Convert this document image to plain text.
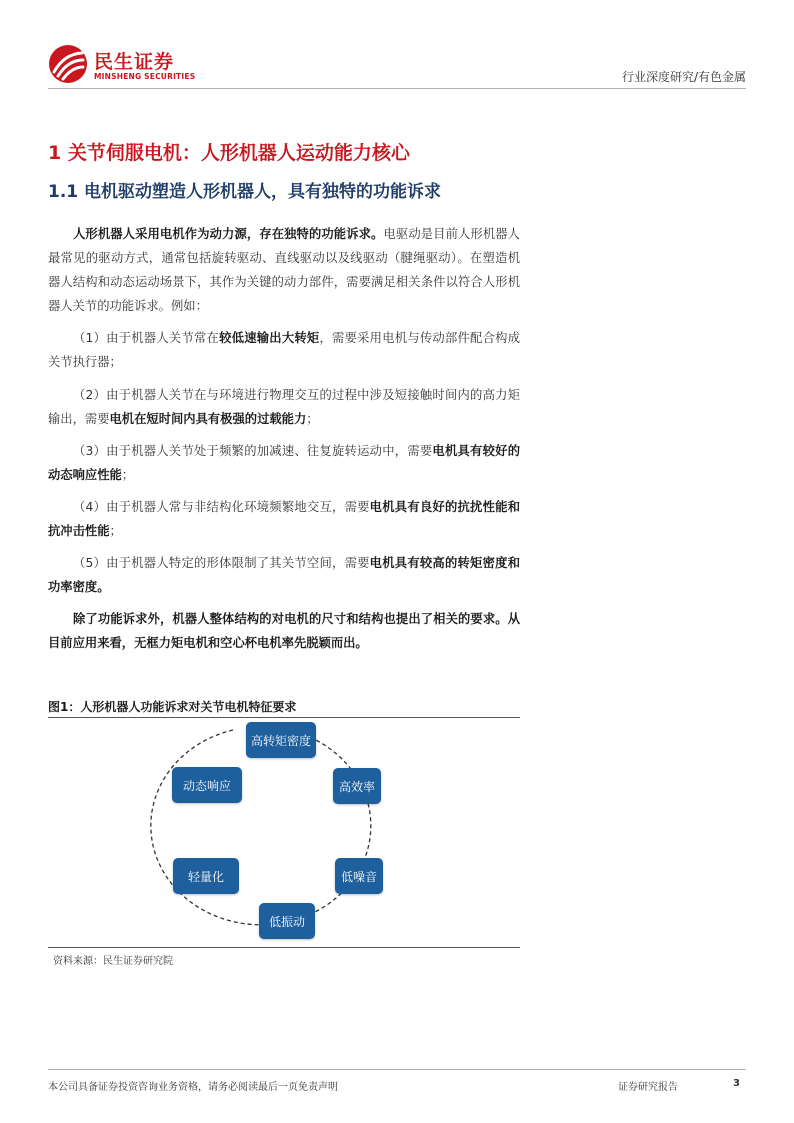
民生证券
MINSHENG SECURITIES	行业深度研究/有色金属
1 关节伺服电机：人形机器人运动能力核心
1.1 电机驱动塑造人形机器人，具有独特的功能诉求

人形机器人采用电机作为动力源，存在独特的功能诉求。电驱动是目前人形机器人最常见的驱动方式，通常包括旋转驱动、直线驱动以及线驱动（腱绳驱动）。在塑造机器人结构和动态运动场景下，其作为关键的动力部件，需要满足相关条件以符合人形机器人关节的功能诉求。例如：

（1）由于机器人关节常在较低速输出大转矩，需要采用电机与传动部件配合构成关节执行器；

（2）由于机器人关节在与环境进行物理交互的过程中涉及短接触时间内的高力矩输出，需要电机在短时间内具有极强的过载能力；

（3）由于机器人关节处于频繁的加减速、往复旋转运动中，需要电机具有较好的动态响应性能；

（4）由于机器人常与非结构化环境频繁地交互，需要电机具有良好的抗扰性能和抗冲击性能；

（5）由于机器人特定的形体限制了其关节空间，需要电机具有较高的转矩密度和功率密度。

除了功能诉求外，机器人整体结构的对电机的尺寸和结构也提出了相关的要求。从目前应用来看，无框力矩电机和空心杯电机率先脱颖而出。

图1：人形机器人功能诉求对关节电机特征要求
高转矩密度
高效率
低噪音
低振动
轻量化
动态响应
资料来源：民生证券研究院
本公司具备证券投资咨询业务资格，请务必阅读最后一页免责声明	证券研究报告	3
